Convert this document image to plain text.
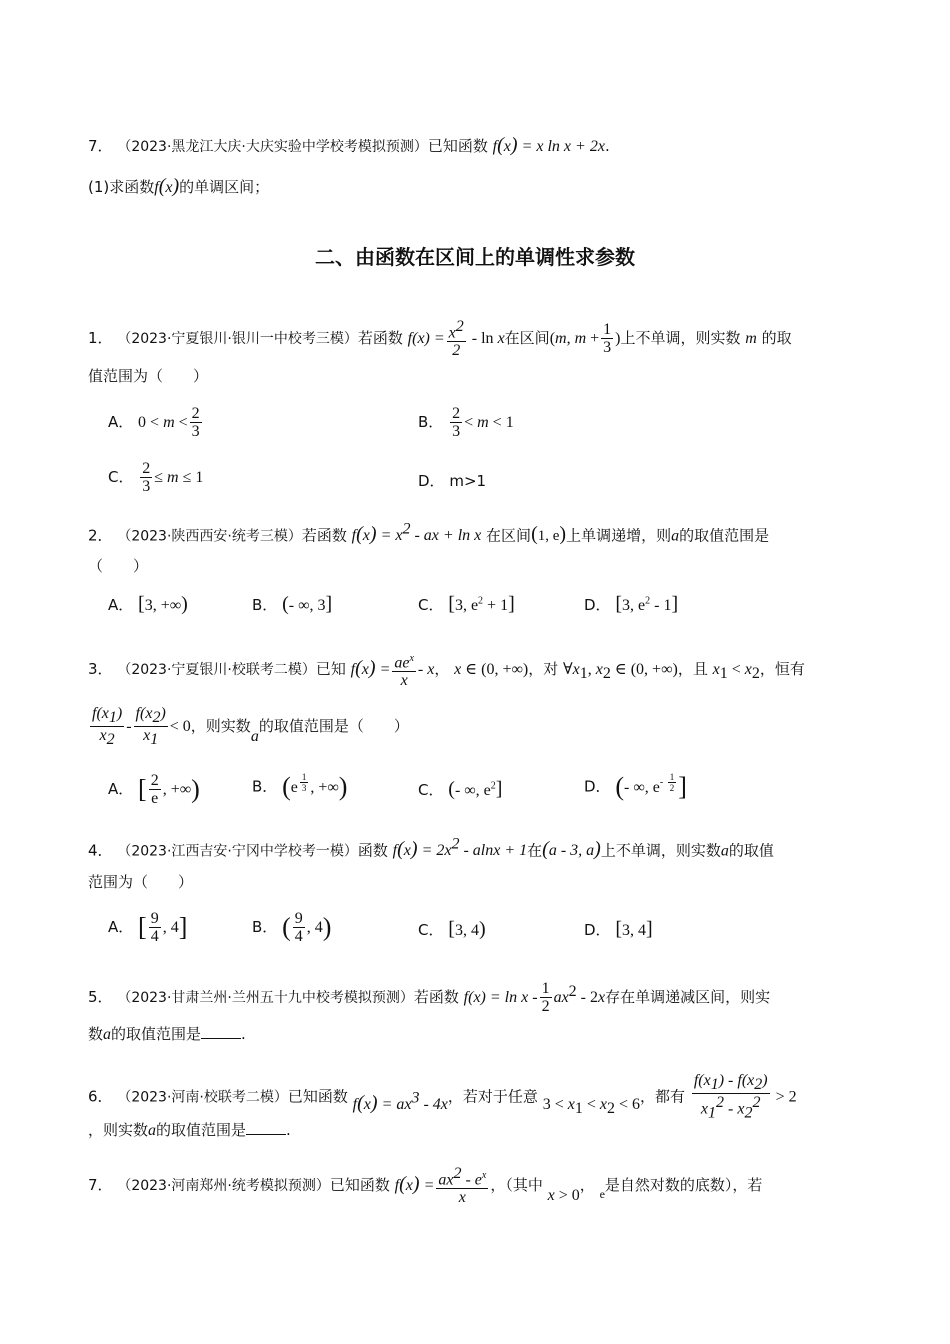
7． （2023·黑龙江大庆·大庆实验中学校考模拟预测）已知函数 f(x) = x ln x + 2x.
(1)求函数f(x)的单调区间；
二、由函数在区间上的单调性求参数
1． （2023·宁夏银川·银川一中校考三模）若函数 $f(x) = \frac{x^2}{2} - \ln x$在区间(m, $m + \frac{1}{3}$ )上不单调，则实数 m 的取
值范围为（　　）
A． $0 < m < \frac{2}{3}$	B． $\frac{2}{3} < m < 1$
C． $\frac{2}{3} \le m \le 1$	D． m>1
2． （2023·陕西西安·统考三模）若函数 $f(x) = x^2$ - ax + ln x 在区间(1, e)上单调递增，则a的取值范围是
（　　）
A． [3, +∞)	B． (- ∞, 3]	C． [3, $e^2 + 1$]	D． [3, $e^2 - 1$]
3． （2023·宁夏银川·校联考二模）已知 $f(x) = \frac{ae^x}{x} - x$， x ∈ (0, +∞)，对 $\forall x_1$, $x_2$ ∈ (0, +∞)，且 $x_1 < x_2$，恒有
$\frac{f(x_1)}{x_2} - \frac{f(x_2)}{x_1} < 0$，则实数a的取值范围是（　　）
A． [ $\frac{2}{e}$ , +∞)	B． (e $^{\frac{1}{3}}$ , +∞)	C． (- ∞, $e^2$]	D． (- ∞, $e^{- \frac{1}{2}}$ ]
4． （2023·江西吉安·宁冈中学校考一模）函数 $f(x) = 2x^2 - alnx + 1$在(a - 3, a)上不单调，则实数a的取值
范围为（　　）
A． [ $\frac{9}{4}$ , 4]	B． ( $\frac{9}{4}$ , 4)	C． [3, 4)	D． [3, 4]
5． （2023·甘肃兰州·兰州五十九中校考模拟预测）若函数 $f(x) = \ln x - \frac{1}{2} ax^2 - 2x$存在单调递减区间，则实
数a的取值范围是	.
6． （2023·河南·校联考二模）已知函数 $f(x) = ax^3 - 4x$，若对于任意 $3 < x_1 < x_2 < 6$，都有 $\frac{f(x_1) - f(x_2)}{x_1^2 - x_2^2} > 2$
，则实数a的取值范围是	.
7． （2023·河南郑州·统考模拟预测）已知函数 $f(x) = \frac{ax^2 - e^x}{x}$ ，（其中 x > 0， $_e$是自然对数的底数），若
